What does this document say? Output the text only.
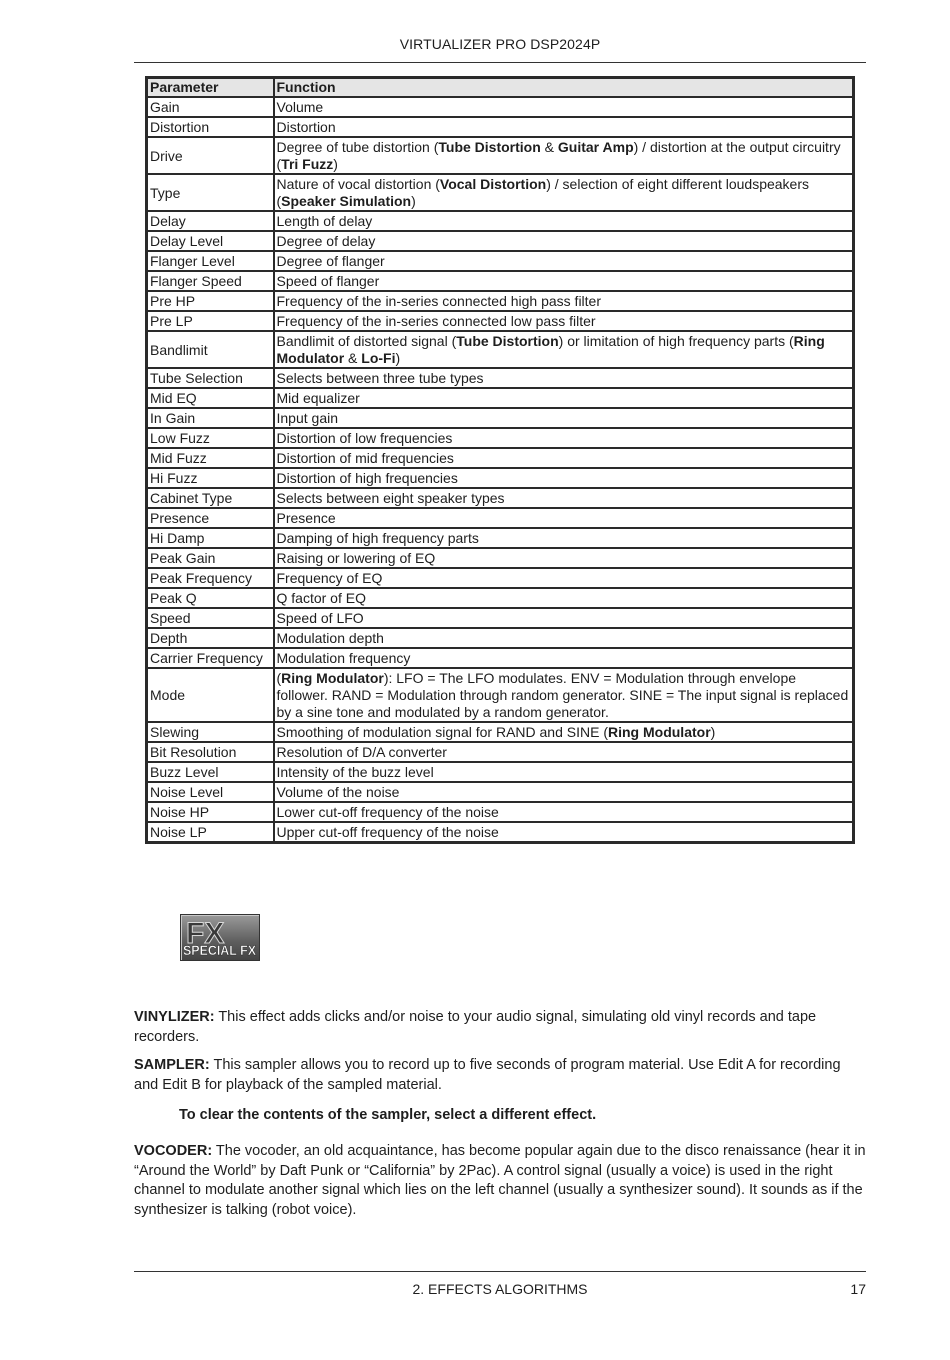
VIRTUALIZER PRO DSP2024P
Parameter	Function
Gain	Volume
Distortion	Distortion
Drive	Degree of tube distortion (Tube Distortion & Guitar Amp) / distortion at the output circuitry (Tri Fuzz)
Type	Nature of vocal distortion (Vocal Distortion) / selection of eight different loudspeakers (Speaker Simulation)
Delay	Length of delay
Delay Level	Degree of delay
Flanger Level	Degree of flanger
Flanger Speed	Speed of flanger
Pre HP	Frequency of the in-series connected high pass filter
Pre LP	Frequency of the in-series connected low pass filter
Bandlimit	Bandlimit of distorted signal (Tube Distortion) or limitation of high frequency parts (Ring Modulator & Lo-Fi)
Tube Selection	Selects between three tube types
Mid EQ	Mid equalizer
In Gain	Input gain
Low Fuzz	Distortion of low frequencies
Mid Fuzz	Distortion of mid frequencies
Hi Fuzz	Distortion of high frequencies
Cabinet Type	Selects between eight speaker types
Presence	Presence
Hi Damp	Damping of high frequency parts
Peak Gain	Raising or lowering of EQ
Peak Frequency	Frequency of EQ
Peak Q	Q factor of EQ
Speed	Speed of LFO
Depth	Modulation depth
Carrier Frequency	Modulation frequency
Mode	(Ring Modulator): LFO = The LFO modulates. ENV = Modulation through envelope follower. RAND = Modulation through random generator. SINE = The input signal is replaced by a sine tone and modulated by a random generator.
Slewing	Smoothing of modulation signal for RAND and SINE (Ring Modulator)
Bit Resolution	Resolution of D/A converter
Buzz Level	Intensity of the buzz level
Noise Level	Volume of the noise
Noise HP	Lower cut-off frequency of the noise
Noise LP	Upper cut-off frequency of the noise
FX
SPECIAL FX

VINYLIZER: This effect adds clicks and/or noise to your audio signal, simulating old vinyl records and tape recorders.

SAMPLER: This sampler allows you to record up to five seconds of program material. Use Edit A for recording and Edit B for playback of the sampled material.

To clear the contents of the sampler, select a different effect.

VOCODER: The vocoder, an old acquaintance, has become popular again due to the disco renaissance (hear it in “Around the World” by Daft Punk or “California” by 2Pac). A control signal (usually a voice) is used in the right channel to modulate another signal which lies on the left channel (usually a synthesizer sound). It sounds as if the synthesizer is talking (robot voice).

2. EFFECTS ALGORITHMS	17
